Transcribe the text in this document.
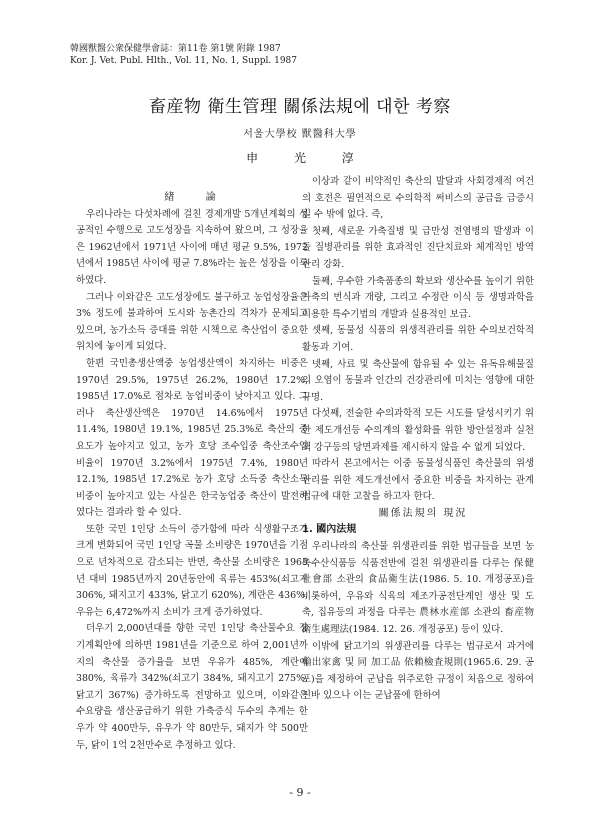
韓國獸醫公衆保健學會誌：第11卷 第1號 附錄 1987
Kor. J. Vet. Publ. Hlth., Vol. 11, No. 1, Suppl. 1987
畜産物 衛生管理 關係法規에 대한 考察
서울大學校 獸醫科大學
申 光 淳

緖 論

우리나라는 다섯차례에 걸친 경제개발 5개년계획의 성공적인 수행으로 고도성장을 지속하여 왔으며, 그 성장율은 1962년에서 1971년 사이에 매년 평균 9.5%, 1972년에서 1985년 사이에 평균 7.8%라는 높은 성장을 이룩하였다.

그러나 이와같은 고도성장에도 불구하고 농업성장율은 3% 정도에 불과하여 도시와 농촌간의 격차가 문제되고 있으며, 농가소득 증대를 위한 시책으로 축산업이 중요한 위치에 놓이게 되었다.

한편 국민총생산액중 농업생산액이 차지하는 비중은 1970년 29.5%, 1975년 26.2%, 1980년 17.2%, 1985년 17.0%로 점차로 농업비중이 낮아지고 있다. 그러나 축산생산액은 1970년 14.6%에서 1975년 11.4%, 1980년 19.1%, 1985년 25.3%로 축산의 중요도가 높아지고 있고, 농가 호당 조수입중 축산조수입 비율이 1970년 3.2%에서 1975년 7.4%, 1980년 12.1%, 1985년 17.2%로 농가 호당 소득중 축산소득 비중이 높아지고 있는 사실은 한국농업중 축산이 발전하였다는 결과라 할 수 있다.

또한 국민 1인당 소득이 증가함에 따라 식생활구조가 크게 변화되어 국민 1인당 곡물 소비량은 1970년을 기점으로 년차적으로 감소되는 반면, 축산물 소비량은 1965년 대비 1985년까지 20년동안에 육류는 453%(쇠고기 306%, 돼지고기 433%, 닭고기 620%), 계란은 436%, 우유는 6,472%까지 소비가 크게 증가하였다.

더우기 2,000년대를 향한 국민 1인당 축산물수요 장기계획안에 의하면 1981년을 기준으로 하여 2,001년까지의 축산물 증가율을 보면 우유가 485%, 계란이 380%, 육류가 342%(쇠고기 384%, 돼지고기 275%, 닭고기 367%) 증가하도록 전망하고 있으며, 이와같은 수요량을 생산공급하기 위한 가축증식 두수의 추계는 한우가 약 400만두, 유우가 약 80만두, 돼지가 약 500만두, 닭이 1억 2천만수로 추정하고 있다.

이상과 같이 비약적인 축산의 발달과 사회경제적 여건의 호전은 필연적으로 수의학적 써비스의 공급을 급증시킬 수 밖에 없다. 즉,

첫째, 새로운 가축질병 및 급만성 전염병의 발생과 이들 질병관리를 위한 효과적인 진단치료와 체계적인 방역관리 강화.

둘째, 우수한 가축품종의 확보와 생산수를 높이기 위한 가축의 번식과 개량, 그리고 수정란 이식 등 생명과학을 이용한 특수기법의 개발과 실용적인 보급.

셋째, 동물성 식품의 위생적관리를 위한 수의보건학적 활동과 기여.

넷째, 사료 및 축산물에 함유될 수 있는 유독유해물질의 오염이 동물과 인간의 건강관리에 미치는 영향에 대한 규명.

다섯째, 전술한 수의과학적 모든 시도를 달성시키기 위한 제도개선등 수의계의 활성화를 위한 방안설정과 실천책 강구등의 당면과제를 제시하지 않을 수 없게 되었다.

따라서 본고에서는 이중 동물성식품인 축산물의 위생관리를 위한 제도개선에서 중요한 비중을 차지하는 관계법규에 대한 고찰을 하고자 한다.

關係法規의 現況

1. 國內法規

우리나라의 축산물 위생관리를 위한 법규들을 보면 농축수산식품등 식품전반에 걸친 위생관리를 다루는 保健社會部 소관의 食品衛生法(1986. 5. 10. 개정공포)을 비롯하여, 우유와 식육의 제조가공전단계인 생산 및 도축, 집유등의 과정을 다루는 農林水産部 소관의 畜産物 衛生處理法(1984. 12. 26. 개정공포) 등이 있다.

이밖에 닭고기의 위생관리를 다루는 법규로서 과거에 輸出家禽 및 同 加工品 依賴檢査規則(1965.6. 29. 공포)을 제정하여 군납을 위주로한 규정이 처음으로 정하여 진바 있으나 이는 군납품에 한하여

- 9 -
